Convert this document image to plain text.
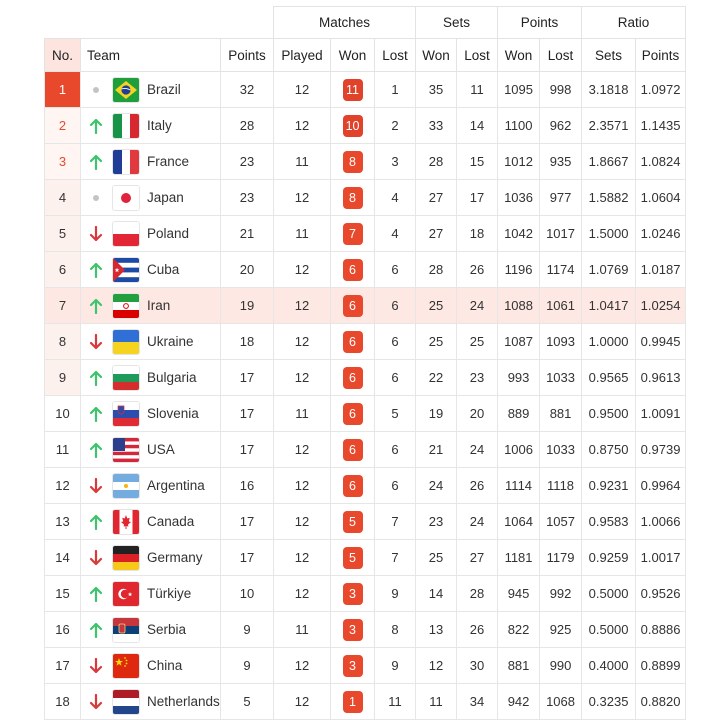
			Matches			Sets		Points		Ratio	
No.	Team	Points	Played	Won	Lost	Won	Lost	Won	Lost	Sets	Points
1	Brazil	32	12	11	1	35	11	1095	998	3.1818	1.0972
2	Italy	28	12	10	2	33	14	1100	962	2.3571	1.1435
3	France	23	11	8	3	28	15	1012	935	1.8667	1.0824
4	Japan	23	12	8	4	27	17	1036	977	1.5882	1.0604
5	Poland	21	11	7	4	27	18	1042	1017	1.5000	1.0246
6	Cuba	20	12	6	6	28	26	1196	1174	1.0769	1.0187
7	Iran	19	12	6	6	25	24	1088	1061	1.0417	1.0254
8	Ukraine	18	12	6	6	25	25	1087	1093	1.0000	0.9945
9	Bulgaria	17	12	6	6	22	23	993	1033	0.9565	0.9613
10	Slovenia	17	11	6	5	19	20	889	881	0.9500	1.0091
11	USA	17	12	6	6	21	24	1006	1033	0.8750	0.9739
12	Argentina	16	12	6	6	24	26	1114	1118	0.9231	0.9964
13	Canada	17	12	5	7	23	24	1064	1057	0.9583	1.0066
14	Germany	17	12	5	7	25	27	1181	1179	0.9259	1.0017
15	Türkiye	10	12	3	9	14	28	945	992	0.5000	0.9526
16	Serbia	9	11	3	8	13	26	822	925	0.5000	0.8886
17	China	9	12	3	9	12	30	881	990	0.4000	0.8899
18	Netherlands	5	12	1	11	11	34	942	1068	0.3235	0.8820
